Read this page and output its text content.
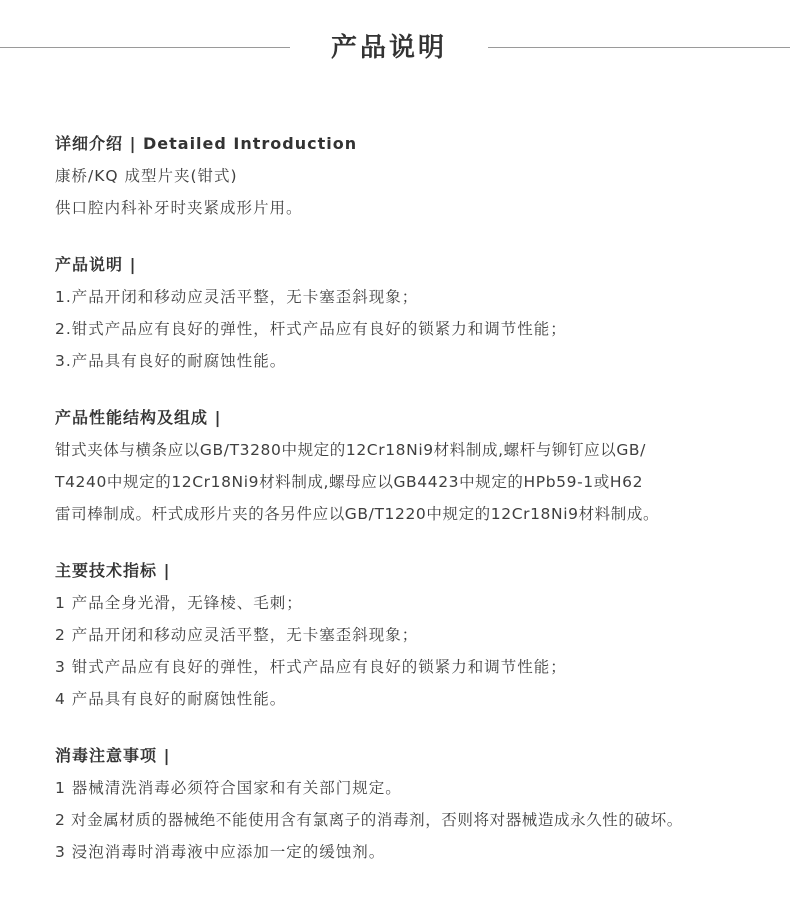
产品说明
详细介绍 | Detailed Introduction
康桥/KQ 成型片夹(钳式)
供口腔内科补牙时夹紧成形片用。
产品说明 |
1.产品开闭和移动应灵活平整，无卡塞歪斜现象；
2.钳式产品应有良好的弹性，杆式产品应有良好的锁紧力和调节性能；
3.产品具有良好的耐腐蚀性能。
产品性能结构及组成 |
钳式夹体与横条应以GB/T3280中规定的12Cr18Ni9材料制成,螺杆与铆钉应以GB/
T4240中规定的12Cr18Ni9材料制成,螺母应以GB4423中规定的HPb59-1或H62
雷司棒制成。杆式成形片夹的各另件应以GB/T1220中规定的12Cr18Ni9材料制成。
主要技术指标 |
1 产品全身光滑，无锋棱、毛刺；
2 产品开闭和移动应灵活平整，无卡塞歪斜现象；
3 钳式产品应有良好的弹性，杆式产品应有良好的锁紧力和调节性能；
4 产品具有良好的耐腐蚀性能。
消毒注意事项 |
1 器械清洗消毒必须符合国家和有关部门规定。
2 对金属材质的器械绝不能使用含有氯离子的消毒剂，否则将对器械造成永久性的破坏。
3 浸泡消毒时消毒液中应添加一定的缓蚀剂。
